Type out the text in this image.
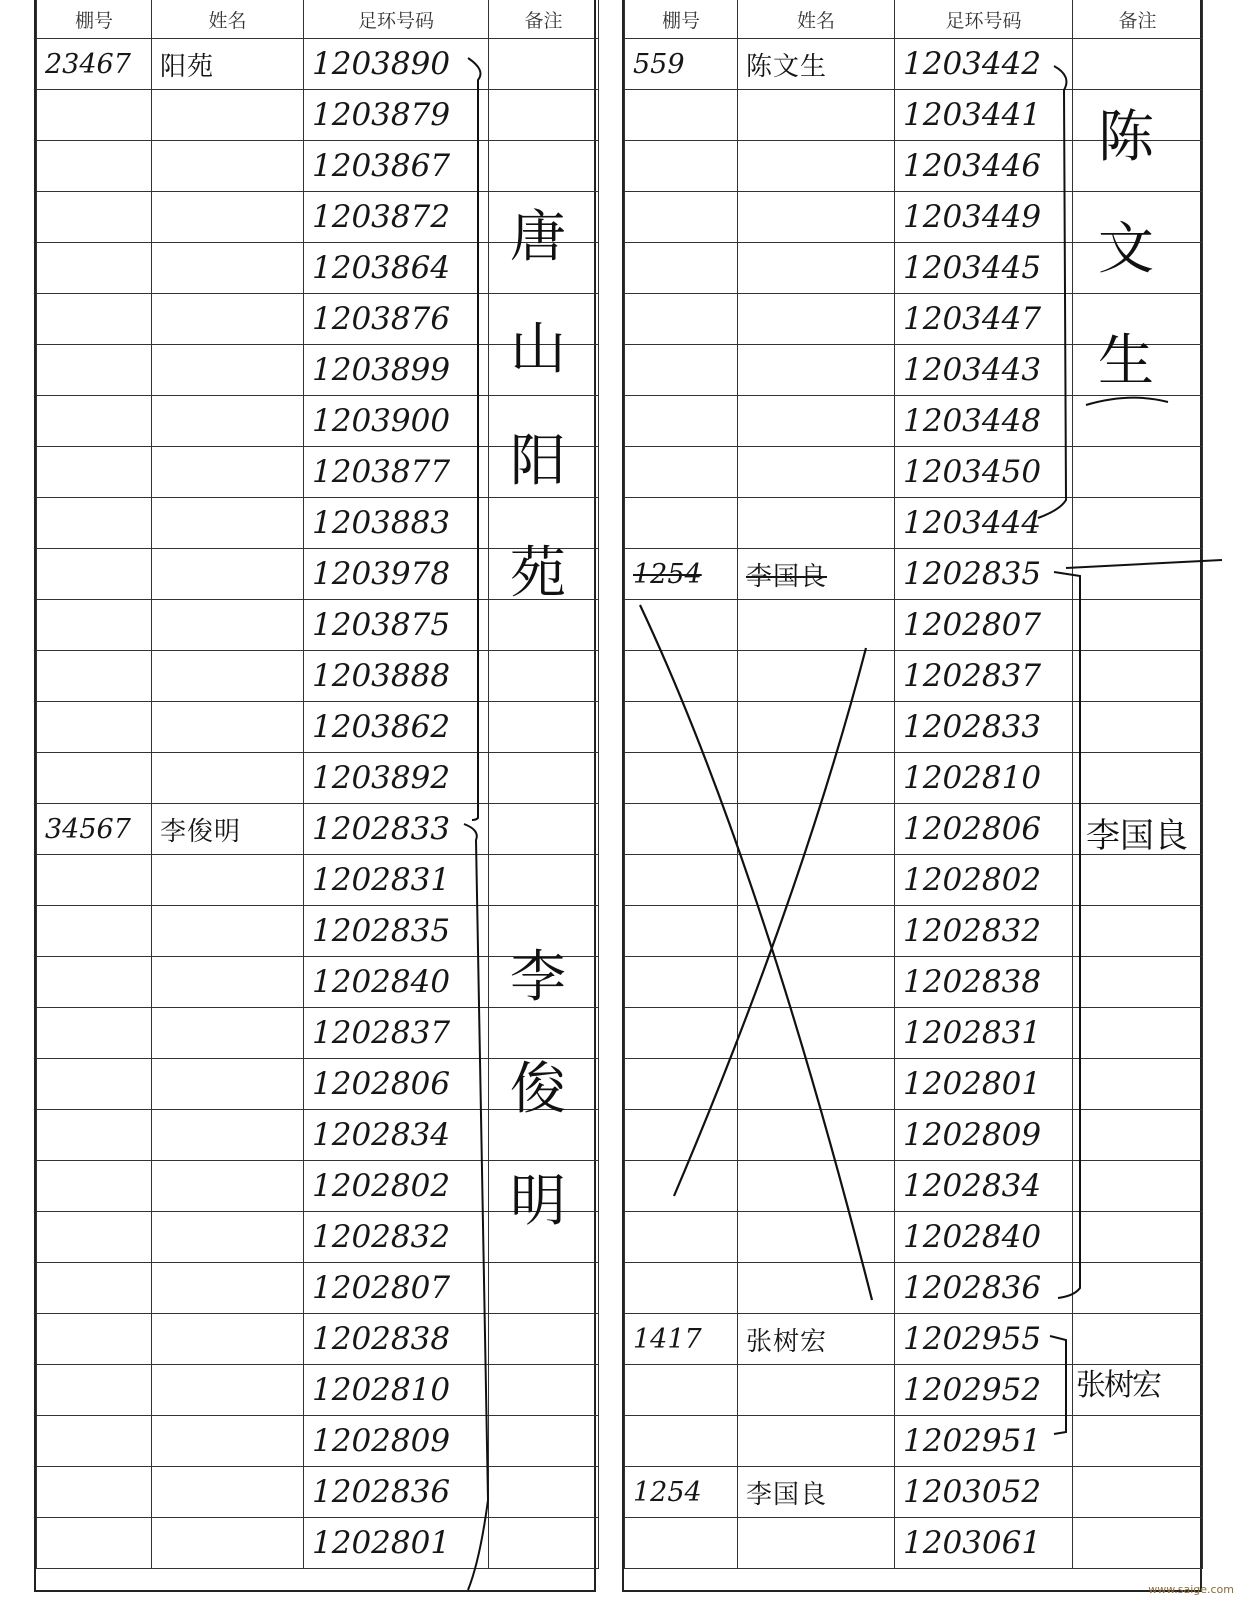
棚号	姓名	足环号码	备注
23467	阳苑	1203890	
		1203879	
		1203867	
		1203872	
		1203864	
		1203876	
		1203899	
		1203900	
		1203877	
		1203883	
		1203978	
		1203875	
		1203888	
		1203862	
		1203892	
34567	李俊明	1202833	
		1202831	
		1202835	
		1202840	
		1202837	
		1202806	
		1202834	
		1202802	
		1202832	
		1202807	
		1202838	
		1202810	
		1202809	
		1202836	
		1202801	
唐
山
阳
苑
李
俊
明
棚号	姓名	足环号码	备注
559	陈文生	1203442	
		1203441	
		1203446	
		1203449	
		1203445	
		1203447	
		1203443	
		1203448	
		1203450	
		1203444	
1254	李国良	1202835	
		1202807	
		1202837	
		1202833	
		1202810	
		1202806	
		1202802	
		1202832	
		1202838	
		1202831	
		1202801	
		1202809	
		1202834	
		1202840	
		1202836	
1417	张树宏	1202955	
		1202952	
		1202951	
1254	李国良	1203052	
		1203061	
陈
文
生
李国良
张树宏
www.saige.com
